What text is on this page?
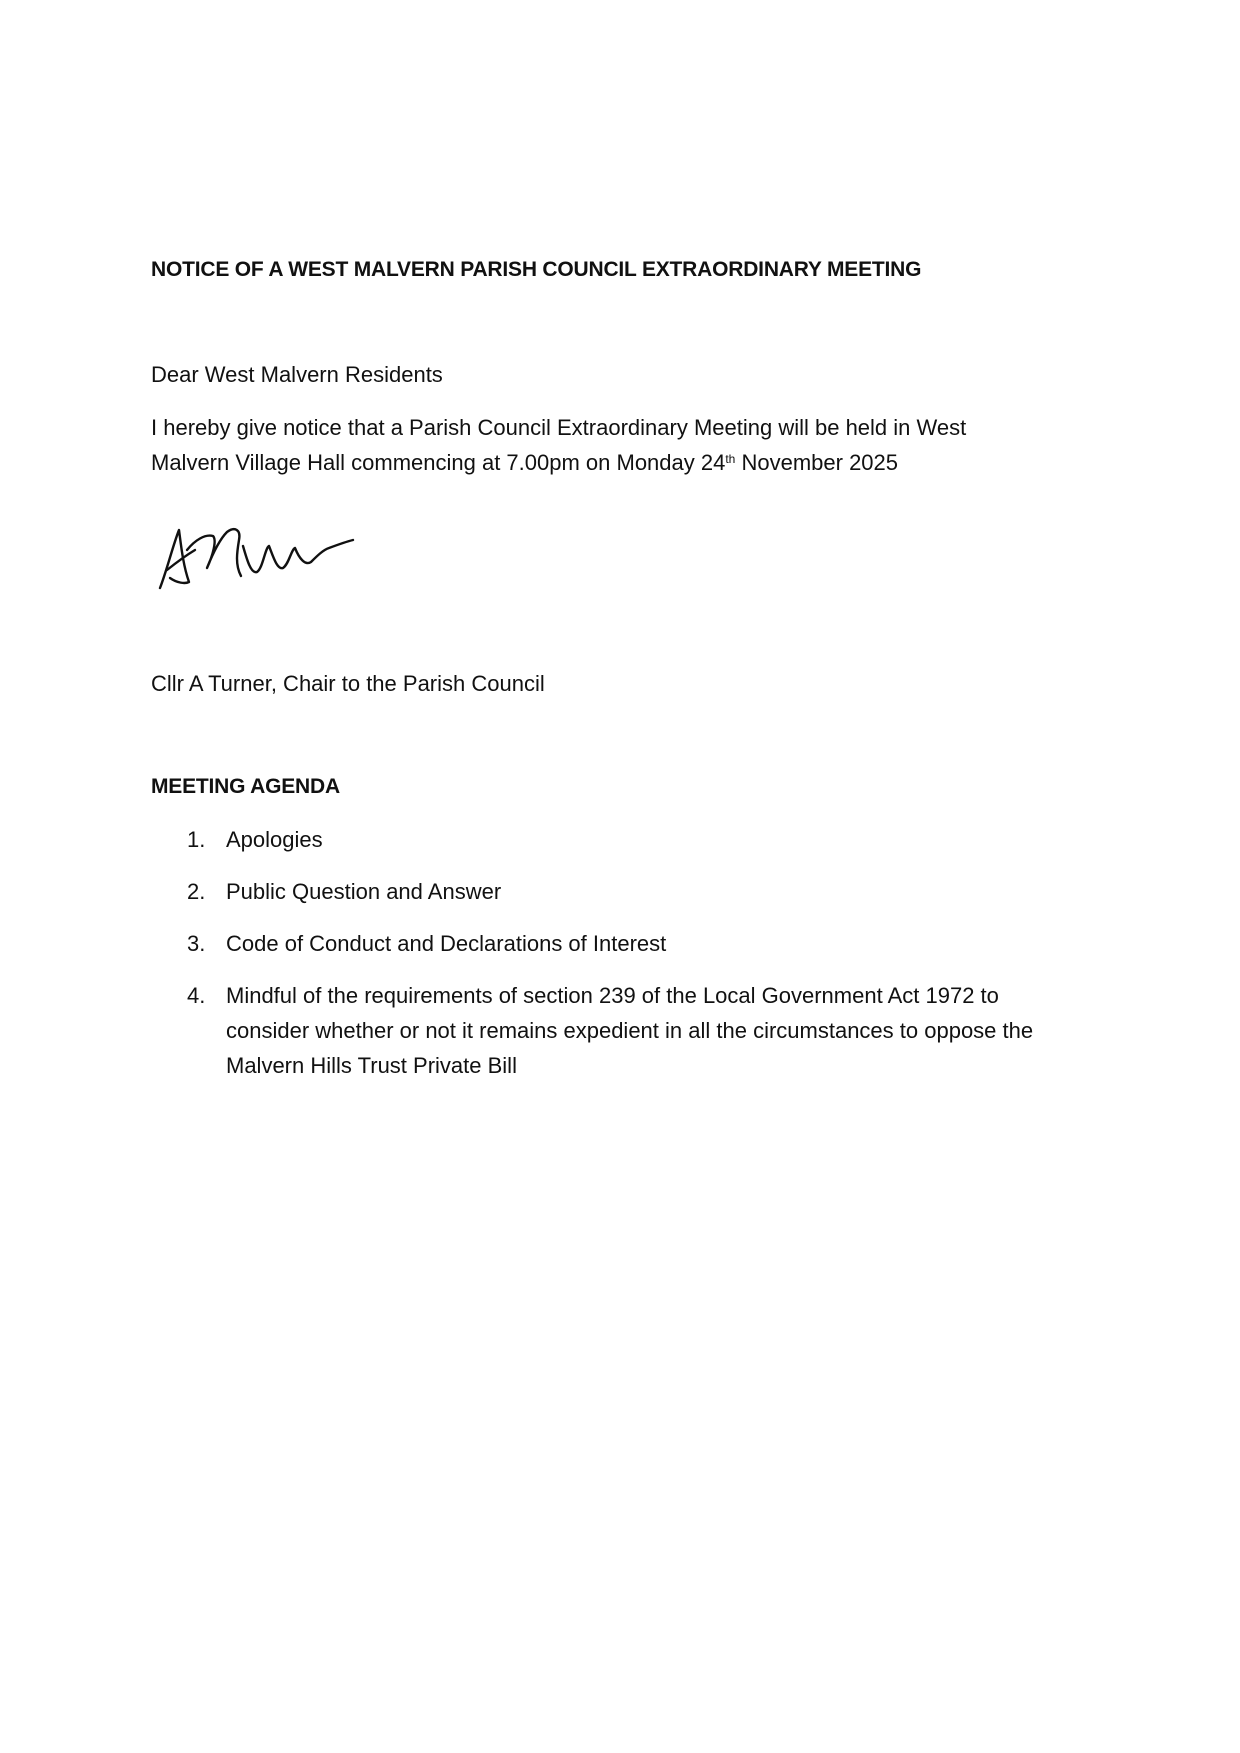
NOTICE OF A WEST MALVERN PARISH COUNCIL EXTRAORDINARY MEETING

Dear West Malvern Residents

I hereby give notice that a Parish Council Extraordinary Meeting will be held in West
Malvern Village Hall commencing at 7.00pm on Monday 24th November 2025

Cllr A Turner, Chair to the Parish Council

MEETING AGENDA
1. Apologies
2. Public Question and Answer
3. Code of Conduct and Declarations of Interest
4. Mindful of the requirements of section 239 of the Local Government Act 1972 to consider whether or not it remains expedient in all the circumstances to oppose the Malvern Hills Trust Private Bill
